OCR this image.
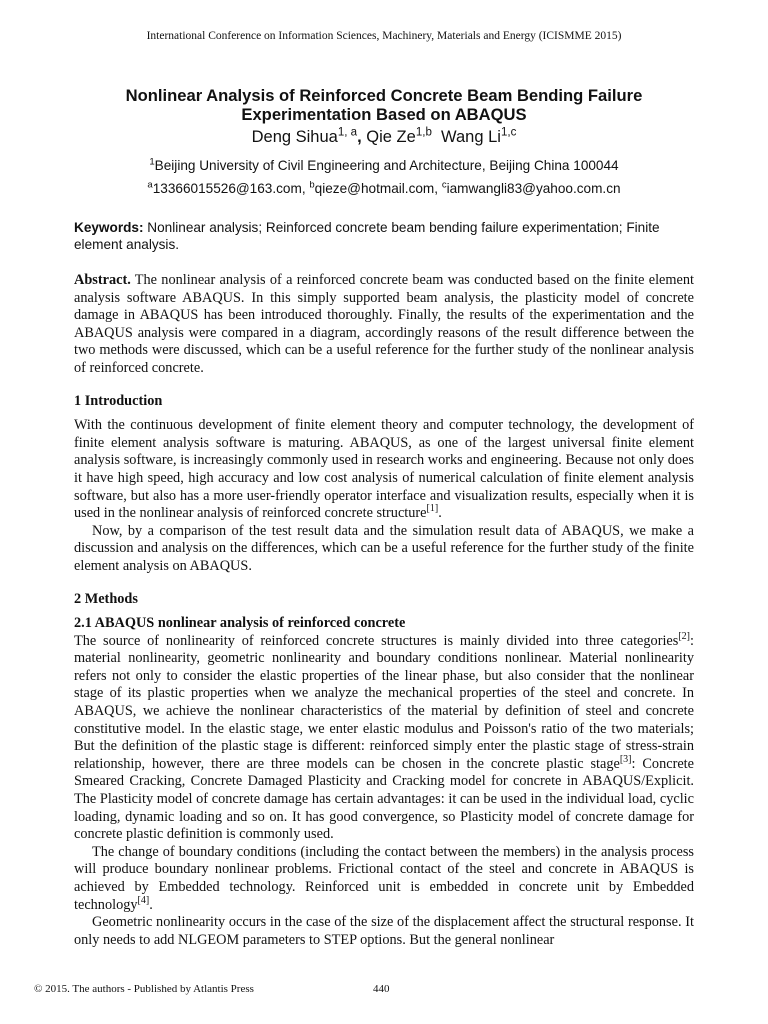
International Conference on Information Sciences, Machinery, Materials and Energy (ICISMME 2015)
Nonlinear Analysis of Reinforced Concrete Beam Bending Failure
Experimentation Based on ABAQUS
Deng Sihua$^{1, a}$, Qie Ze$^{1,b}$ Wang Li$^{1,c}$
$^1$Beijing University of Civil Engineering and Architecture, Beijing China 100044
$^a$13366015526@163.com, $^b$qieze@hotmail.com, $^c$iamwangli83@yahoo.com.cn
Keywords: Nonlinear analysis; Reinforced concrete beam bending failure experimentation; Finite element analysis.

Abstract. The nonlinear analysis of a reinforced concrete beam was conducted based on the finite element analysis software ABAQUS. In this simply supported beam analysis, the plasticity model of concrete damage in ABAQUS has been introduced thoroughly. Finally, the results of the experimentation and the ABAQUS analysis were compared in a diagram, accordingly reasons of the result difference between the two methods were discussed, which can be a useful reference for the further study of the nonlinear analysis of reinforced concrete.

1 Introduction

With the continuous development of finite element theory and computer technology, the development of finite element analysis software is maturing. ABAQUS, as one of the largest universal finite element analysis software, is increasingly commonly used in research works and engineering. Because not only does it have high speed, high accuracy and low cost analysis of numerical calculation of finite element analysis software, but also has a more user-friendly operator interface and visualization results, especially when it is used in the nonlinear analysis of reinforced concrete structure[1].

Now, by a comparison of the test result data and the simulation result data of ABAQUS, we make a discussion and analysis on the differences, which can be a useful reference for the further study of the finite element analysis on ABAQUS.

2 Methods

2.1 ABAQUS nonlinear analysis of reinforced concrete

The source of nonlinearity of reinforced concrete structures is mainly divided into three categories[2]: material nonlinearity, geometric nonlinearity and boundary conditions nonlinear. Material nonlinearity refers not only to consider the elastic properties of the linear phase, but also consider that the nonlinear stage of its plastic properties when we analyze the mechanical properties of the steel and concrete. In ABAQUS, we achieve the nonlinear characteristics of the material by definition of steel and concrete constitutive model. In the elastic stage, we enter elastic modulus and Poisson's ratio of the two materials; But the definition of the plastic stage is different: reinforced simply enter the plastic stage of stress-strain relationship, however, there are three models can be chosen in the concrete plastic stage[3]: Concrete Smeared Cracking, Concrete Damaged Plasticity and Cracking model for concrete in ABAQUS/Explicit. The Plasticity model of concrete damage has certain advantages: it can be used in the individual load, cyclic loading, dynamic loading and so on. It has good convergence, so Plasticity model of concrete damage for concrete plastic definition is commonly used.

The change of boundary conditions (including the contact between the members) in the analysis process will produce boundary nonlinear problems. Frictional contact of the steel and concrete in ABAQUS is achieved by Embedded technology. Reinforced unit is embedded in concrete unit by Embedded technology[4].

Geometric nonlinearity occurs in the case of the size of the displacement affect the structural response. It only needs to add NLGEOM parameters to STEP options. But the general nonlinear

© 2015. The authors - Published by Atlantis Press	440
